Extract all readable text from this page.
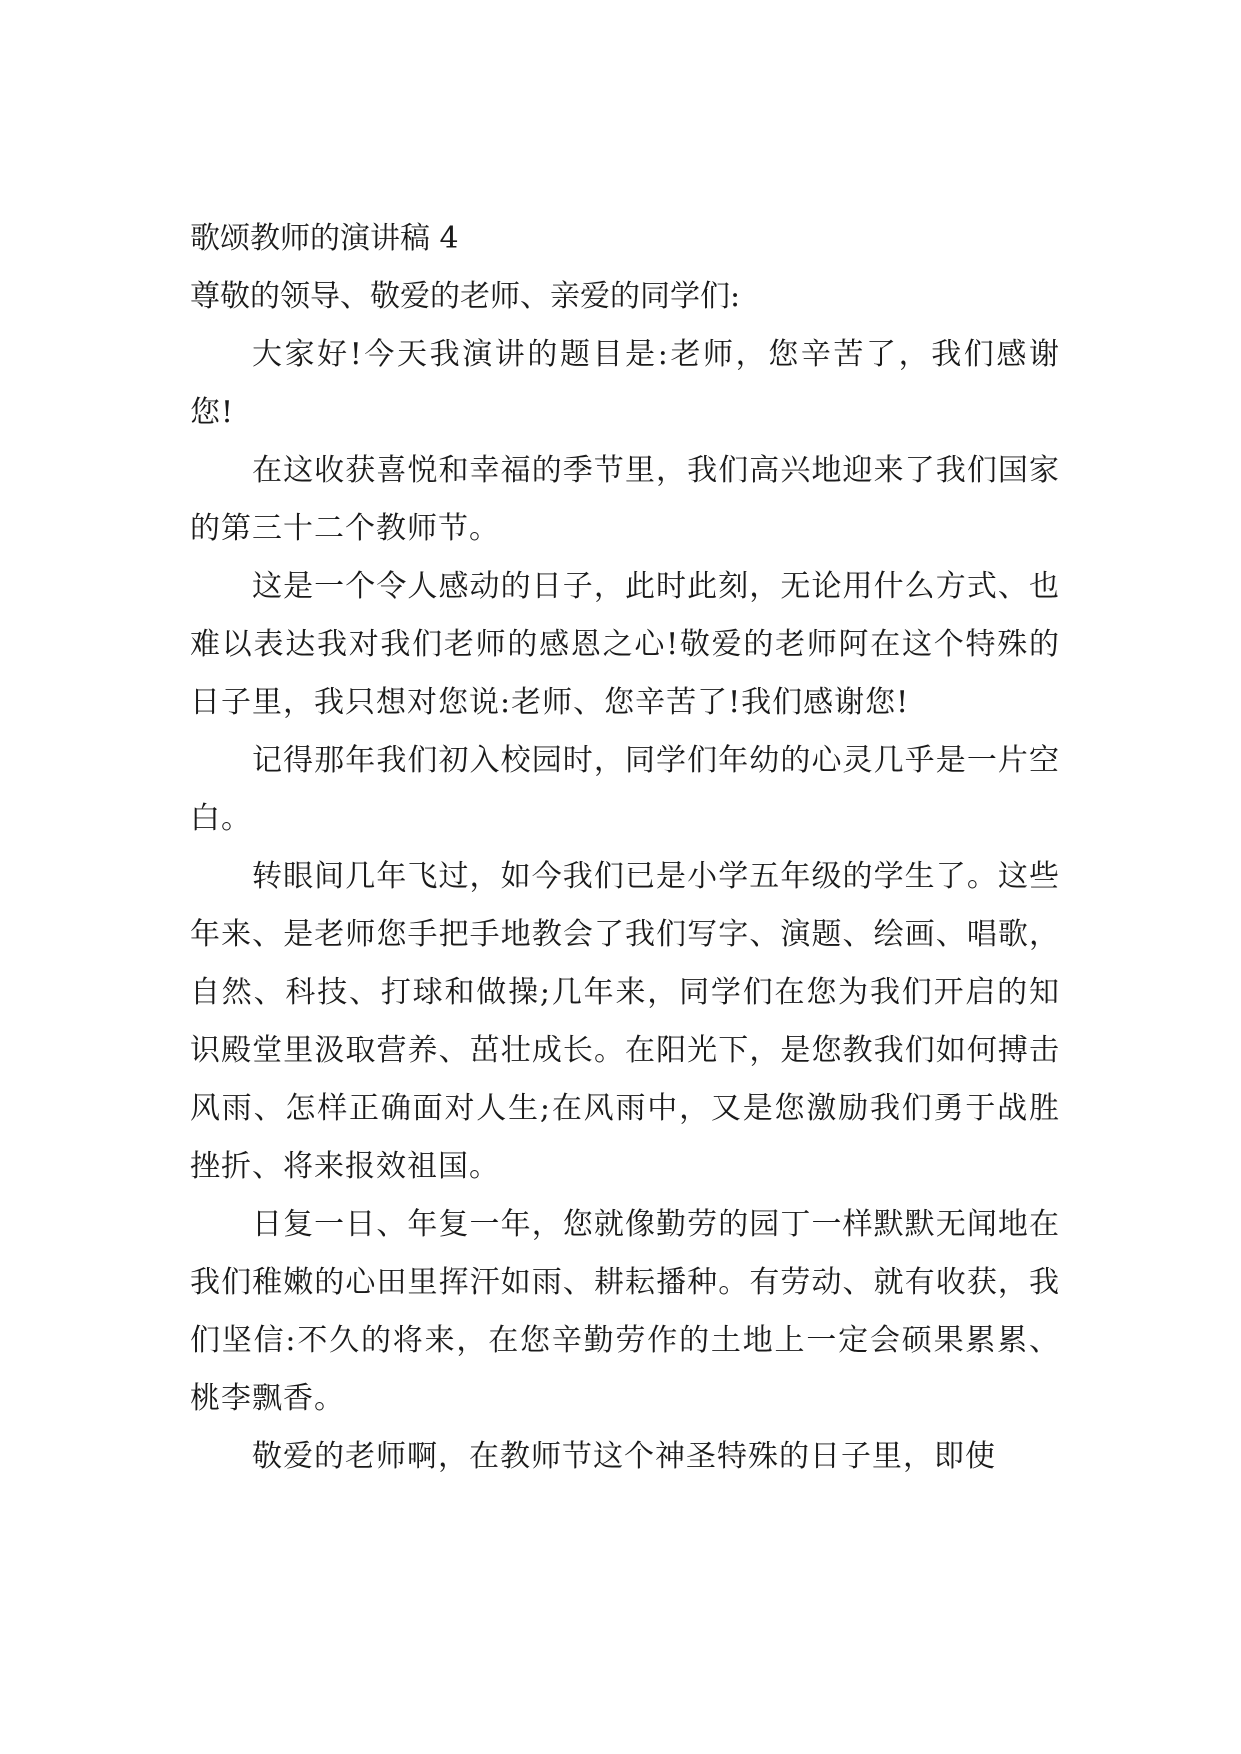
歌颂教师的演讲稿 4

尊敬的领导、敬爱的老师、亲爱的同学们:

大家好!今天我演讲的题目是:老师，您辛苦了，我们感谢您!

在这收获喜悦和幸福的季节里，我们高兴地迎来了我们国家的第三十二个教师节。

这是一个令人感动的日子，此时此刻，无论用什么方式、也难以表达我对我们老师的感恩之心!敬爱的老师阿在这个特殊的日子里，我只想对您说:老师、您辛苦了!我们感谢您!

记得那年我们初入校园时，同学们年幼的心灵几乎是一片空白。

转眼间几年飞过，如今我们已是小学五年级的学生了。这些年来、是老师您手把手地教会了我们写字、演题、绘画、唱歌，自然、科技、打球和做操;几年来，同学们在您为我们开启的知识殿堂里汲取营养、茁壮成长。在阳光下，是您教我们如何搏击风雨、怎样正确面对人生;在风雨中，又是您激励我们勇于战胜挫折、将来报效祖国。

日复一日、年复一年，您就像勤劳的园丁一样默默无闻地在我们稚嫩的心田里挥汗如雨、耕耘播种。有劳动、就有收获，我们坚信:不久的将来，在您辛勤劳作的土地上一定会硕果累累、桃李飘香。

敬爱的老师啊，在教师节这个神圣特殊的日子里，即使
